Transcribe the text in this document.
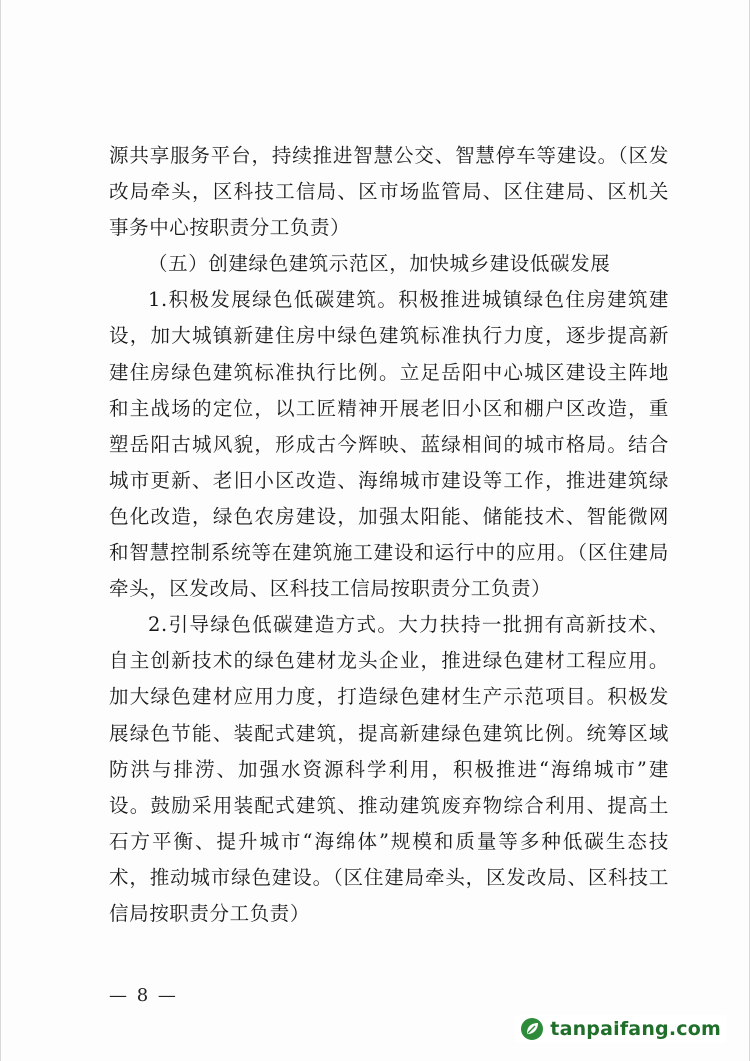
源共享服务平台，持续推进智慧公交、智慧停车等建设。（区发改局牵头，区科技工信局、区市场监管局、区住建局、区机关事务中心按职责分工负责）

（五）创建绿色建筑示范区，加快城乡建设低碳发展

1.积极发展绿色低碳建筑。积极推进城镇绿色住房建筑建设，加大城镇新建住房中绿色建筑标准执行力度，逐步提高新建住房绿色建筑标准执行比例。立足岳阳中心城区建设主阵地和主战场的定位，以工匠精神开展老旧小区和棚户区改造，重塑岳阳古城风貌，形成古今辉映、蓝绿相间的城市格局。结合城市更新、老旧小区改造、海绵城市建设等工作，推进建筑绿色化改造，绿色农房建设，加强太阳能、储能技术、智能微网和智慧控制系统等在建筑施工建设和运行中的应用。（区住建局牵头，区发改局、区科技工信局按职责分工负责）

2.引导绿色低碳建造方式。大力扶持一批拥有高新技术、自主创新技术的绿色建材龙头企业，推进绿色建材工程应用。加大绿色建材应用力度，打造绿色建材生产示范项目。积极发展绿色节能、装配式建筑，提高新建绿色建筑比例。统筹区域防洪与排涝、加强水资源科学利用，积极推进“海绵城市”建设。鼓励采用装配式建筑、推动建筑废弃物综合利用、提高土石方平衡、提升城市“海绵体”规模和质量等多种低碳生态技术，推动城市绿色建设。（区住建局牵头，区发改局、区科技工信局按职责分工负责）

— 8 —
tanpaifang.com
